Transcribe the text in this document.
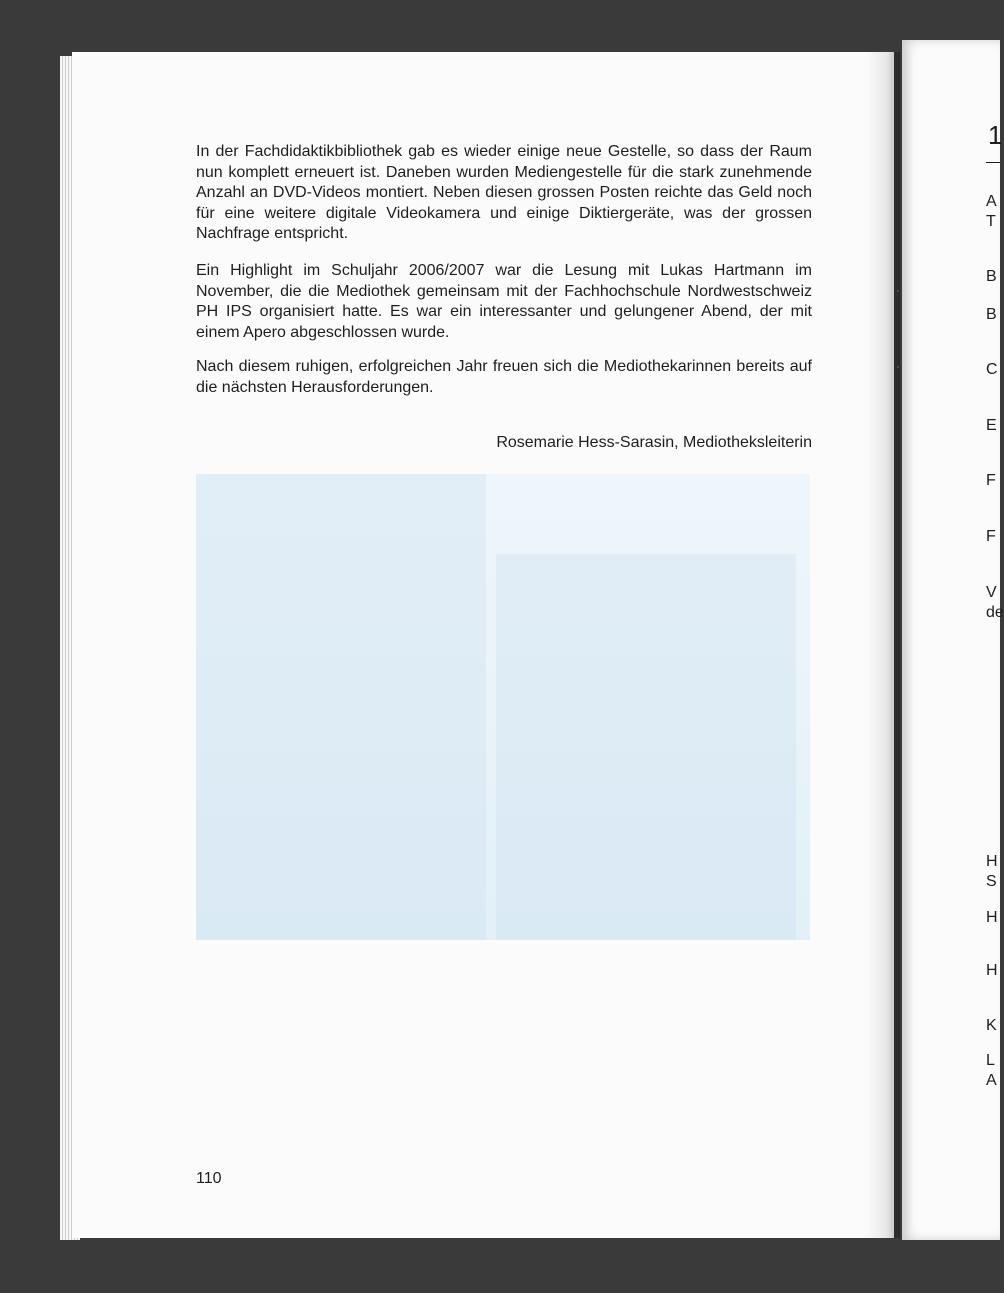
In der Fachdidaktikbibliothek gab es wieder einige neue Gestelle, so dass der Raum nun komplett erneuert ist. Daneben wurden Mediengestelle für die stark zunehmende Anzahl an DVD-Videos montiert. Neben diesen grossen Posten reichte das Geld noch für eine weitere digitale Videokamera und einige Diktiergeräte, was der grossen Nachfrage entspricht.

Ein Highlight im Schuljahr 2006/2007 war die Lesung mit Lukas Hartmann im November, die die Mediothek gemeinsam mit der Fachhochschule Nordwestschweiz PH IPS organisiert hatte. Es war ein interessanter und gelungener Abend, der mit einem Apero abgeschlossen wurde.

Nach diesem ruhigen, erfolgreichen Jahr freuen sich die Mediothekarinnen bereits auf die nächsten Herausforderungen.

Rosemarie Hess-Sarasin, Mediotheksleiterin

110
1
A
T
B
B
C
E
F
F
V
de
H
S
H
H
K
L
A
